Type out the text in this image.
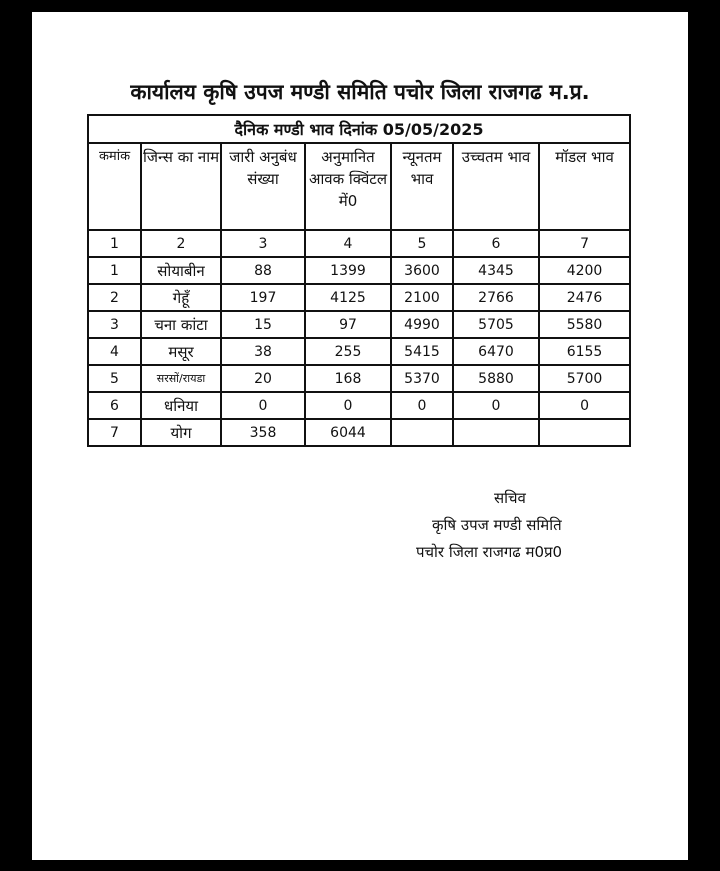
कार्यालय कृषि उपज मण्डी समिति पचोर जिला राजगढ म.प्र.
दैनिक मण्डी भाव दिनांक 05/05/2025						
कमांक	जिन्स का नाम	जारी अनुबंध संख्या	अनुमानित आवक क्विंटल में0	न्यूनतम भाव	उच्चतम भाव	मॉडल भाव
1	2	3	4	5	6	7
1	सोयाबीन	88	1399	3600	4345	4200
2	गेहूँ	197	4125	2100	2766	2476
3	चना कांटा	15	97	4990	5705	5580
4	मसूर	38	255	5415	6470	6155
5	सरसों/रायडा	20	168	5370	5880	5700
6	धनिया	0	0	0	0	0
7	योग	358	6044			
सचिव
कृषि उपज मण्डी समिति
पचोर जिला राजगढ म0प्र0
